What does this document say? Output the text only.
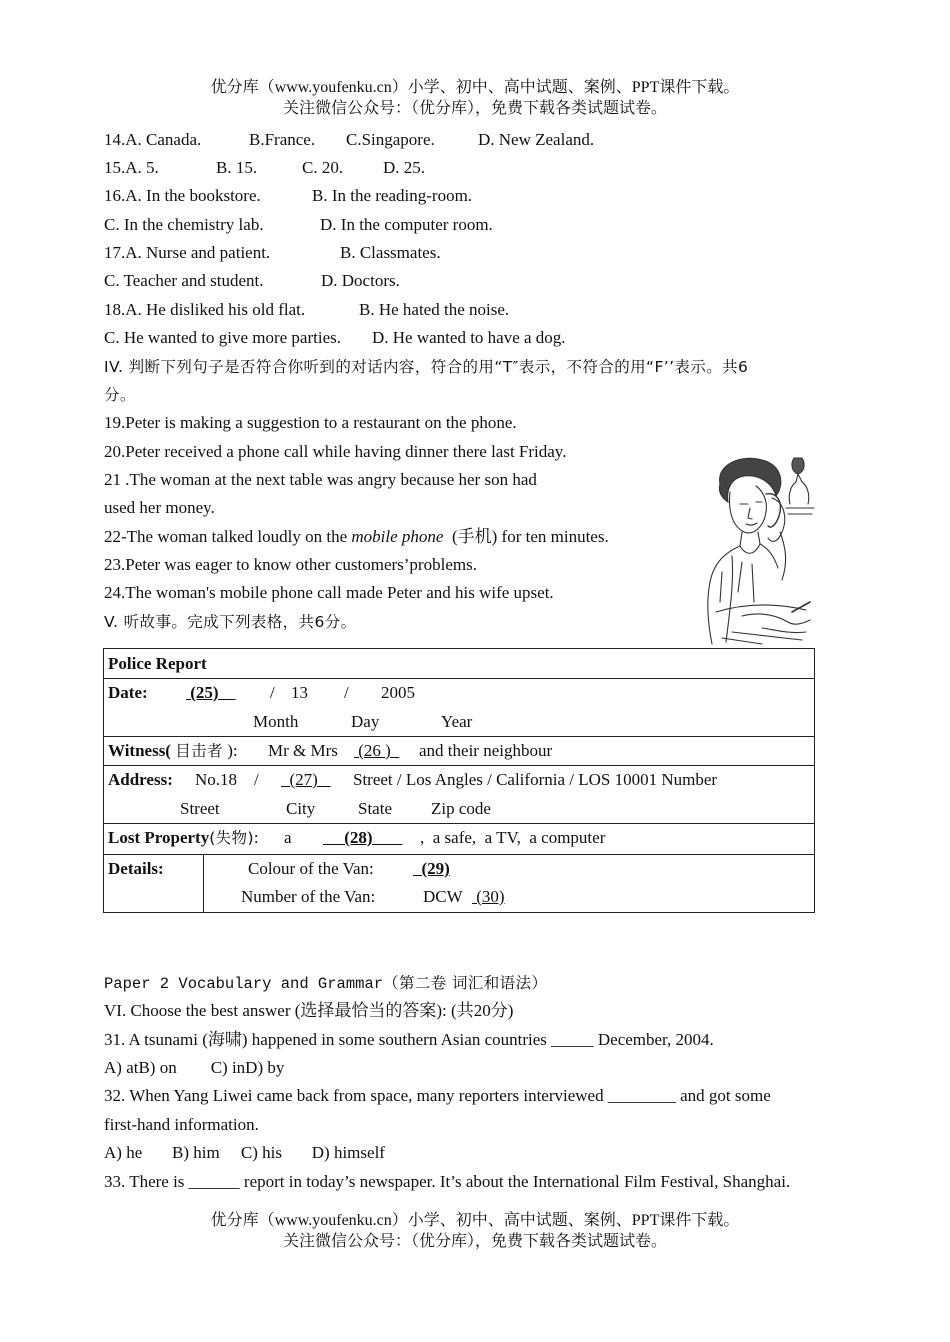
优分库（www.youfenku.cn）小学、初中、高中试题、案例、PPT课件下载。
关注微信公众号：（优分库），免费下载各类试题试卷。
14.A. Canada.	B.France. C.Singapore.	D. New Zealand.
15.A. 5.	B. 15.	C. 20. D. 25.
16.A. In the bookstore.	B. In the reading-room.
C. In the chemistry lab.	D. In the computer room.
17.A. Nurse and patient.	B. Classmates.
C. Teacher and student.	D. Doctors.
18.A. He disliked his old flat.	B. He hated the noise.
C. He wanted to give more parties. D. He wanted to have a dog.
IV. 判断下列句子是否符合你听到的对话内容，符合的用“T″表示，不符合的用“F’’表示。共6
分。
19.Peter is making a suggestion to a restaurant on the phone.
20.Peter received a phone call while having dinner there last Friday.
21 .The woman at the next table was angry because her son had
used her money.
22-The woman talked loudly on the mobile phone  (手机) for ten minutes.
23.Peter was eager to know other customers’problems.
24.The woman's mobile phone call made Peter and his wife upset.
V. 听故事。完成下列表格，共6分。
Police Report
Date: (25) / 13 / 2005
Month	Day	Year
Witness( 目击者 ): Mr & Mrs (26 ) and their neighbour
Address: No.18 / (27) Street / Los Angles / California / LOS 10001 Number
Street	City	State Zip code
Lost Property(失物): a (28) ,  a safe,  a TV,  a computer
Details:	Colour of the Van: (29)
Number of the Van:	DCW (30)
Paper 2 Vocabulary and Grammar（第二卷 词汇和语法）
VI. Choose the best answer (选择最恰当的答案): (共20分)
31. A tsunami (海啸) happened in some southern Asian countries _____ December, 2004.
A) atB) on        C) inD) by
32. When Yang Liwei came back from space, many reporters interviewed ________ and got some
first-hand information.
A) he       B) him     C) his       D) himself
33. There is ______ report in today’s newspaper. It’s about the International Film Festival, Shanghai.
优分库（www.youfenku.cn）小学、初中、高中试题、案例、PPT课件下载。
关注微信公众号：（优分库），免费下载各类试题试卷。
